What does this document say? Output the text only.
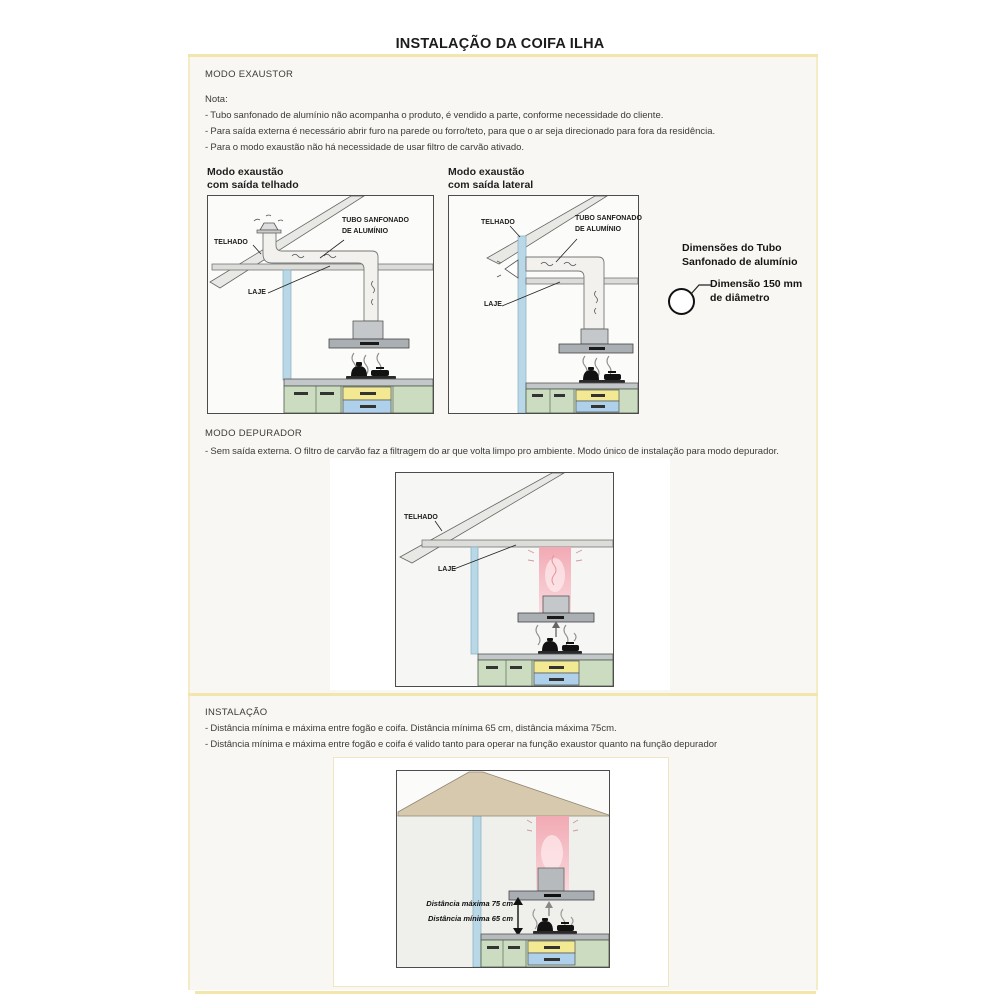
INSTALAÇÃO DA COIFA ILHA
MODO EXAUSTOR
Nota:
- Tubo sanfonado de alumínio não acompanha o produto, é vendido a parte, conforme necessidade do cliente.
- Para saída externa é necessário abrir furo na parede ou forro/teto, para que o ar seja direcionado para fora da residência.
- Para o modo exaustão não há necessidade de usar filtro de carvão ativado.
Modo exaustão
com saída telhado
Modo exaustão
com saída lateral
TELHADO
TUBO SANFONADO
DE ALUMÍNIO
LAJE
TELHADO
TUBO SANFONADO
DE ALUMÍNIO
LAJE
Dimensões do Tubo
Sanfonado de alumínio
Dimensão 150 mm
de diâmetro
MODO DEPURADOR
- Sem saída externa. O filtro de carvão faz a filtragem do ar que volta limpo pro ambiente. Modo único de instalação para modo depurador.
TELHADO
LAJE
INSTALAÇÃO
- Distância mínima e máxima entre fogão e coifa. Distância mínima 65 cm, distância máxima 75cm.
- Distância mínima e máxima entre fogão e coifa é valido tanto para operar na função exaustor quanto na função depurador
Distância máxima 75 cm
Distância mínima 65 cm
